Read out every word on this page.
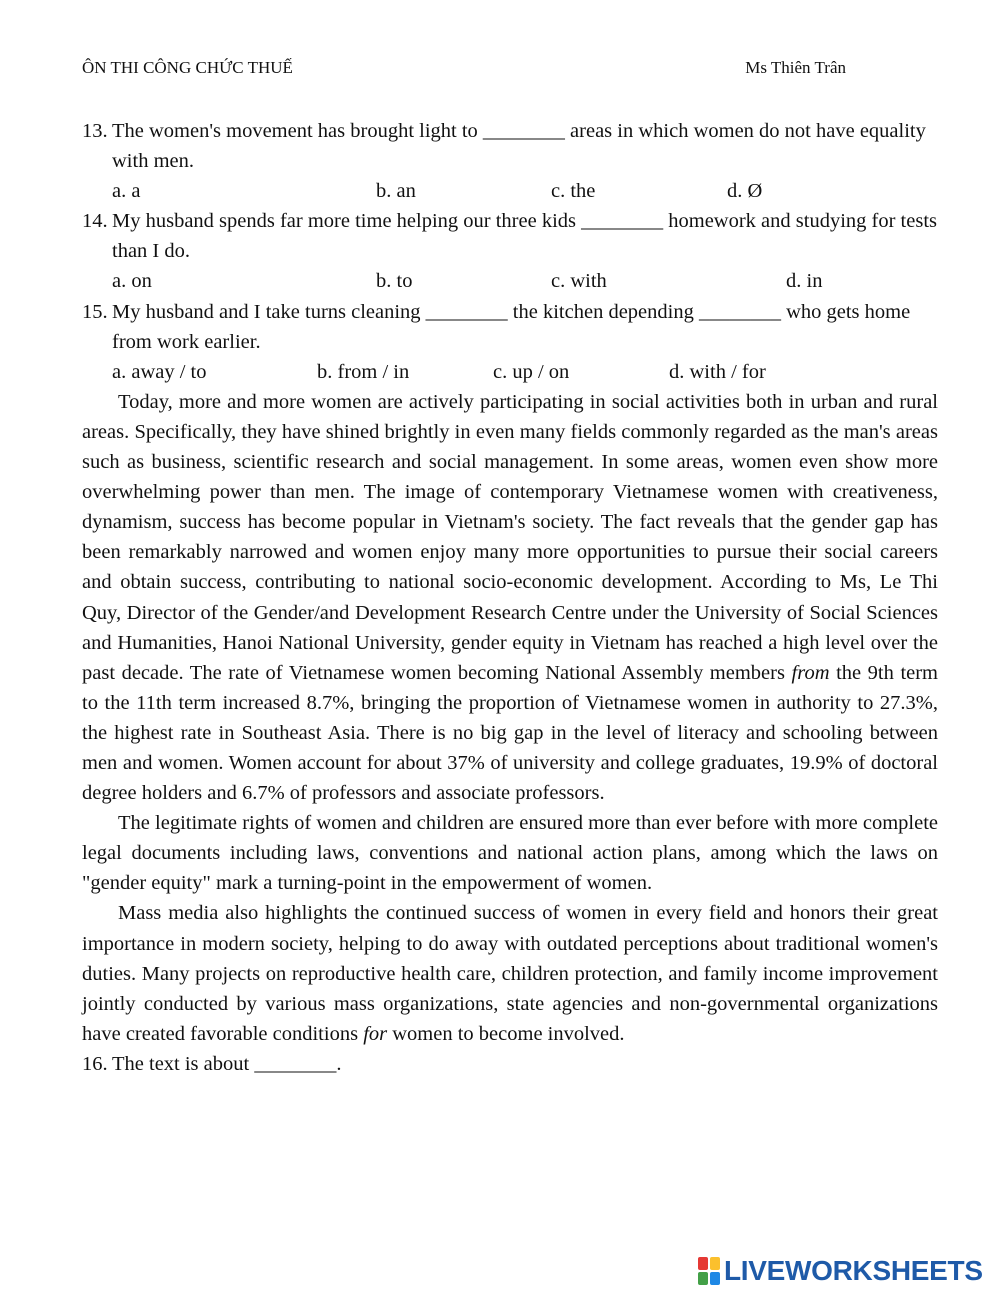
ÔN THI CÔNG CHỨC THUẾ	Ms Thiên Trân
13. The women's movement has brought light to ________ areas in which women do not have equality with men.
a. a	b. an	c. the	d. Ø
14. My husband spends far more time helping our three kids ________ homework and studying for tests than I do.
a. on	b. to	c. with	d. in
15. My husband and I take turns cleaning ________ the kitchen depending ________ who gets home from work earlier.
a. away / to	b. from / in	c. up / on	d. with / for

Today, more and more women are actively participating in social activities both in urban and rural areas. Specifically, they have shined brightly in even many fields commonly regarded as the man's areas such as business, scientific research and social management. In some areas, women even show more overwhelming power than men. The image of contemporary Vietnamese women with creativeness, dynamism, success has become popular in Vietnam's society. The fact reveals that the gender gap has been remarkably narrowed and women enjoy many more opportunities to pursue their social careers and obtain success, contributing to national socio-economic development. According to Ms, Le Thi Quy, Director of the Gender/and Development Research Centre under the University of Social Sciences and Humanities, Hanoi National University, gender equity in Vietnam has reached a high level over the past decade. The rate of Vietnamese women becoming National Assembly members from the 9th term to the 11th term increased 8.7%, bringing the proportion of Vietnamese women in authority to 27.3%, the highest rate in Southeast Asia. There is no big gap in the level of literacy and schooling between men and women. Women account for about 37% of university and college graduates, 19.9% of doctoral degree holders and 6.7% of professors and associate professors.

The legitimate rights of women and children are ensured more than ever before with more complete legal documents including laws, conventions and national action plans, among which the laws on "gender equity" mark a turning-point in the empowerment of women.

Mass media also highlights the continued success of women in every field and honors their great importance in modern society, helping to do away with outdated perceptions about traditional women's duties. Many projects on reproductive health care, children protection, and family income improvement jointly conducted by various mass organizations, state agencies and non-governmental organizations have created favorable conditions for women to become involved.

16. The text is about ________.
LIVEWORKSHEETS
